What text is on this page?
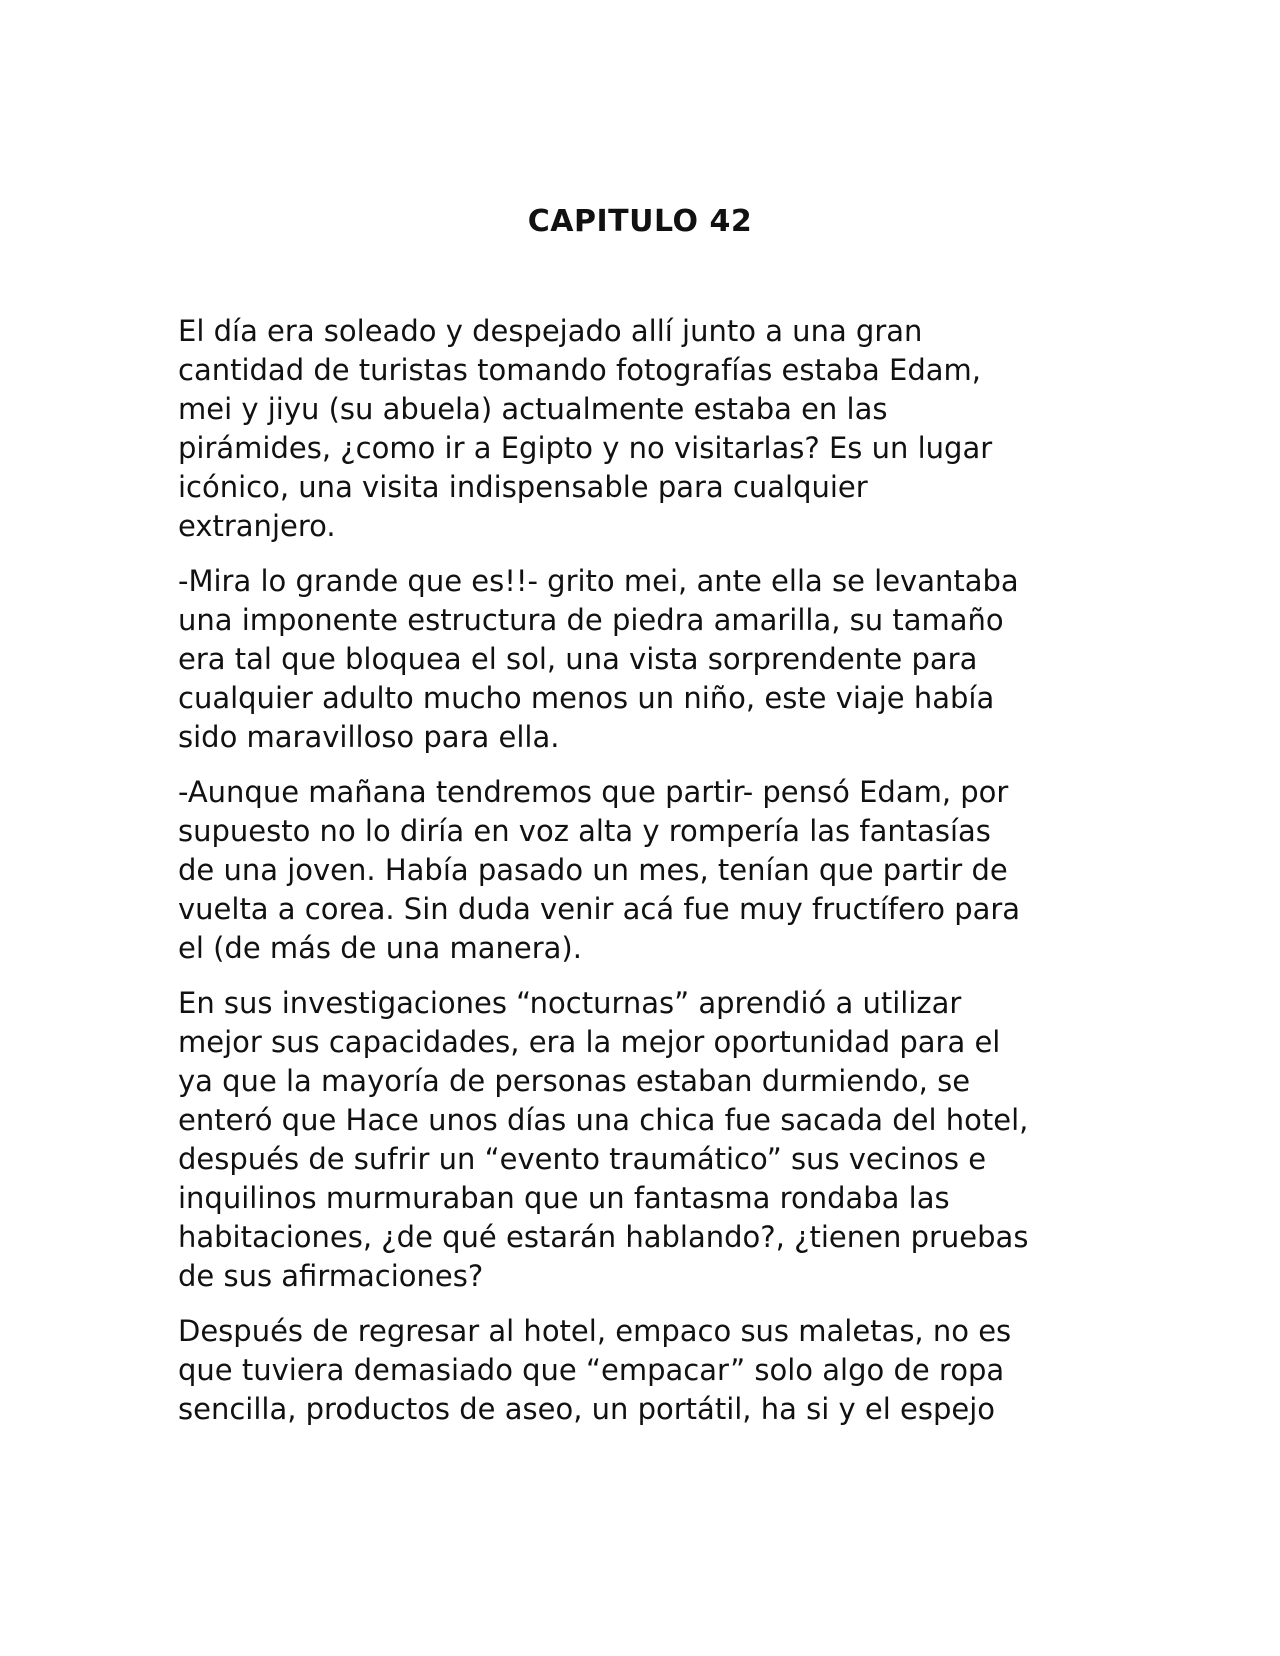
CAPITULO 42

El día era soleado y despejado allí junto a una gran
cantidad de turistas tomando fotografías estaba Edam,
mei y jiyu (su abuela) actualmente estaba en las
pirámides, ¿como ir a Egipto y no visitarlas? Es un lugar
icónico, una visita indispensable para cualquier
extranjero.

-Mira lo grande que es!!- grito mei, ante ella se levantaba
una imponente estructura de piedra amarilla, su tamaño
era tal que bloquea el sol, una vista sorprendente para
cualquier adulto mucho menos un niño, este viaje había
sido maravilloso para ella.

-Aunque mañana tendremos que partir- pensó Edam, por
supuesto no lo diría en voz alta y rompería las fantasías
de una joven. Había pasado un mes, tenían que partir de
vuelta a corea. Sin duda venir acá fue muy fructífero para
el (de más de una manera).

En sus investigaciones “nocturnas” aprendió a utilizar
mejor sus capacidades, era la mejor oportunidad para el
ya que la mayoría de personas estaban durmiendo, se
enteró que Hace unos días una chica fue sacada del hotel,
después de sufrir un “evento traumático” sus vecinos e
inquilinos murmuraban que un fantasma rondaba las
habitaciones, ¿de qué estarán hablando?, ¿tienen pruebas
de sus afirmaciones?

Después de regresar al hotel, empaco sus maletas, no es
que tuviera demasiado que “empacar” solo algo de ropa
sencilla, productos de aseo, un portátil, ha si y el espejo
